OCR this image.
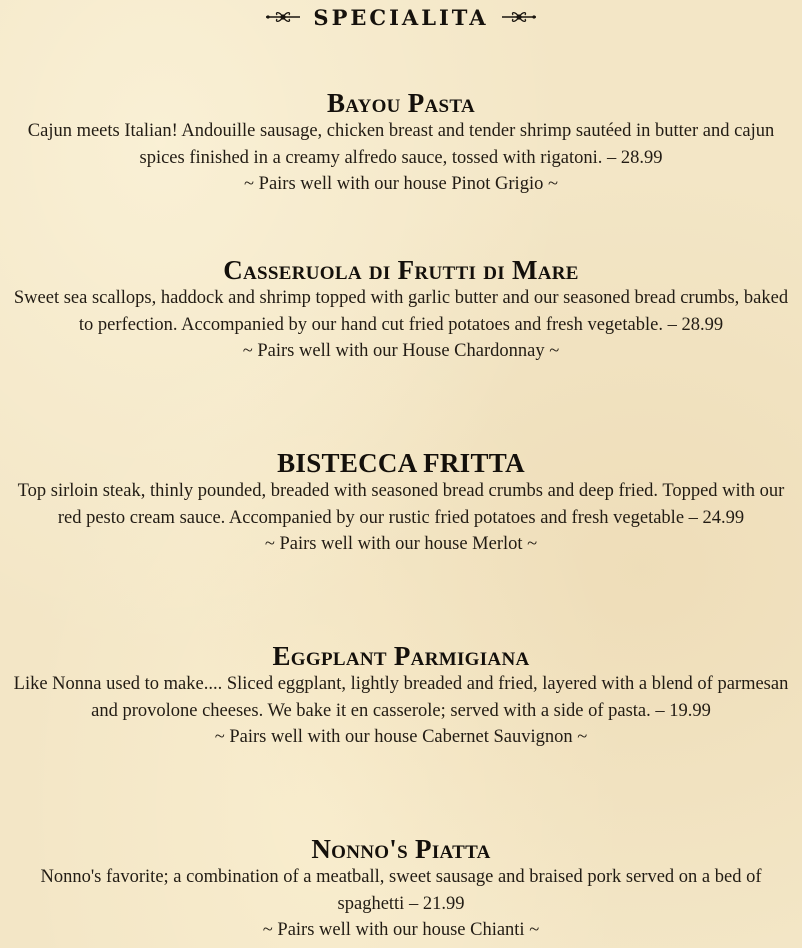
SPECIALITA
Bayou Pasta
Cajun meets Italian! Andouille sausage, chicken breast and tender shrimp sautéed in butter and cajun spices finished in a creamy alfredo sauce, tossed with rigatoni. – 28.99
~ Pairs well with our house Pinot Grigio ~
Casseruola di Frutti di Mare
Sweet sea scallops, haddock and shrimp topped with garlic butter and our seasoned bread crumbs, baked to perfection. Accompanied by our hand cut fried potatoes and fresh vegetable. – 28.99
~ Pairs well with our House Chardonnay ~
BISTECCA FRITTA
Top sirloin steak, thinly pounded, breaded with seasoned bread crumbs and deep fried. Topped with our red pesto cream sauce. Accompanied by our rustic fried potatoes and fresh vegetable – 24.99
~ Pairs well with our house Merlot ~
Eggplant Parmigiana
Like Nonna used to make.... Sliced eggplant, lightly breaded and fried, layered with a blend of parmesan and provolone cheeses. We bake it en casserole; served with a side of pasta. – 19.99
~ Pairs well with our house Cabernet Sauvignon ~
Nonno's Piatta
Nonno's favorite; a combination of a meatball, sweet sausage and braised pork served on a bed of spaghetti – 21.99
~ Pairs well with our house Chianti ~
